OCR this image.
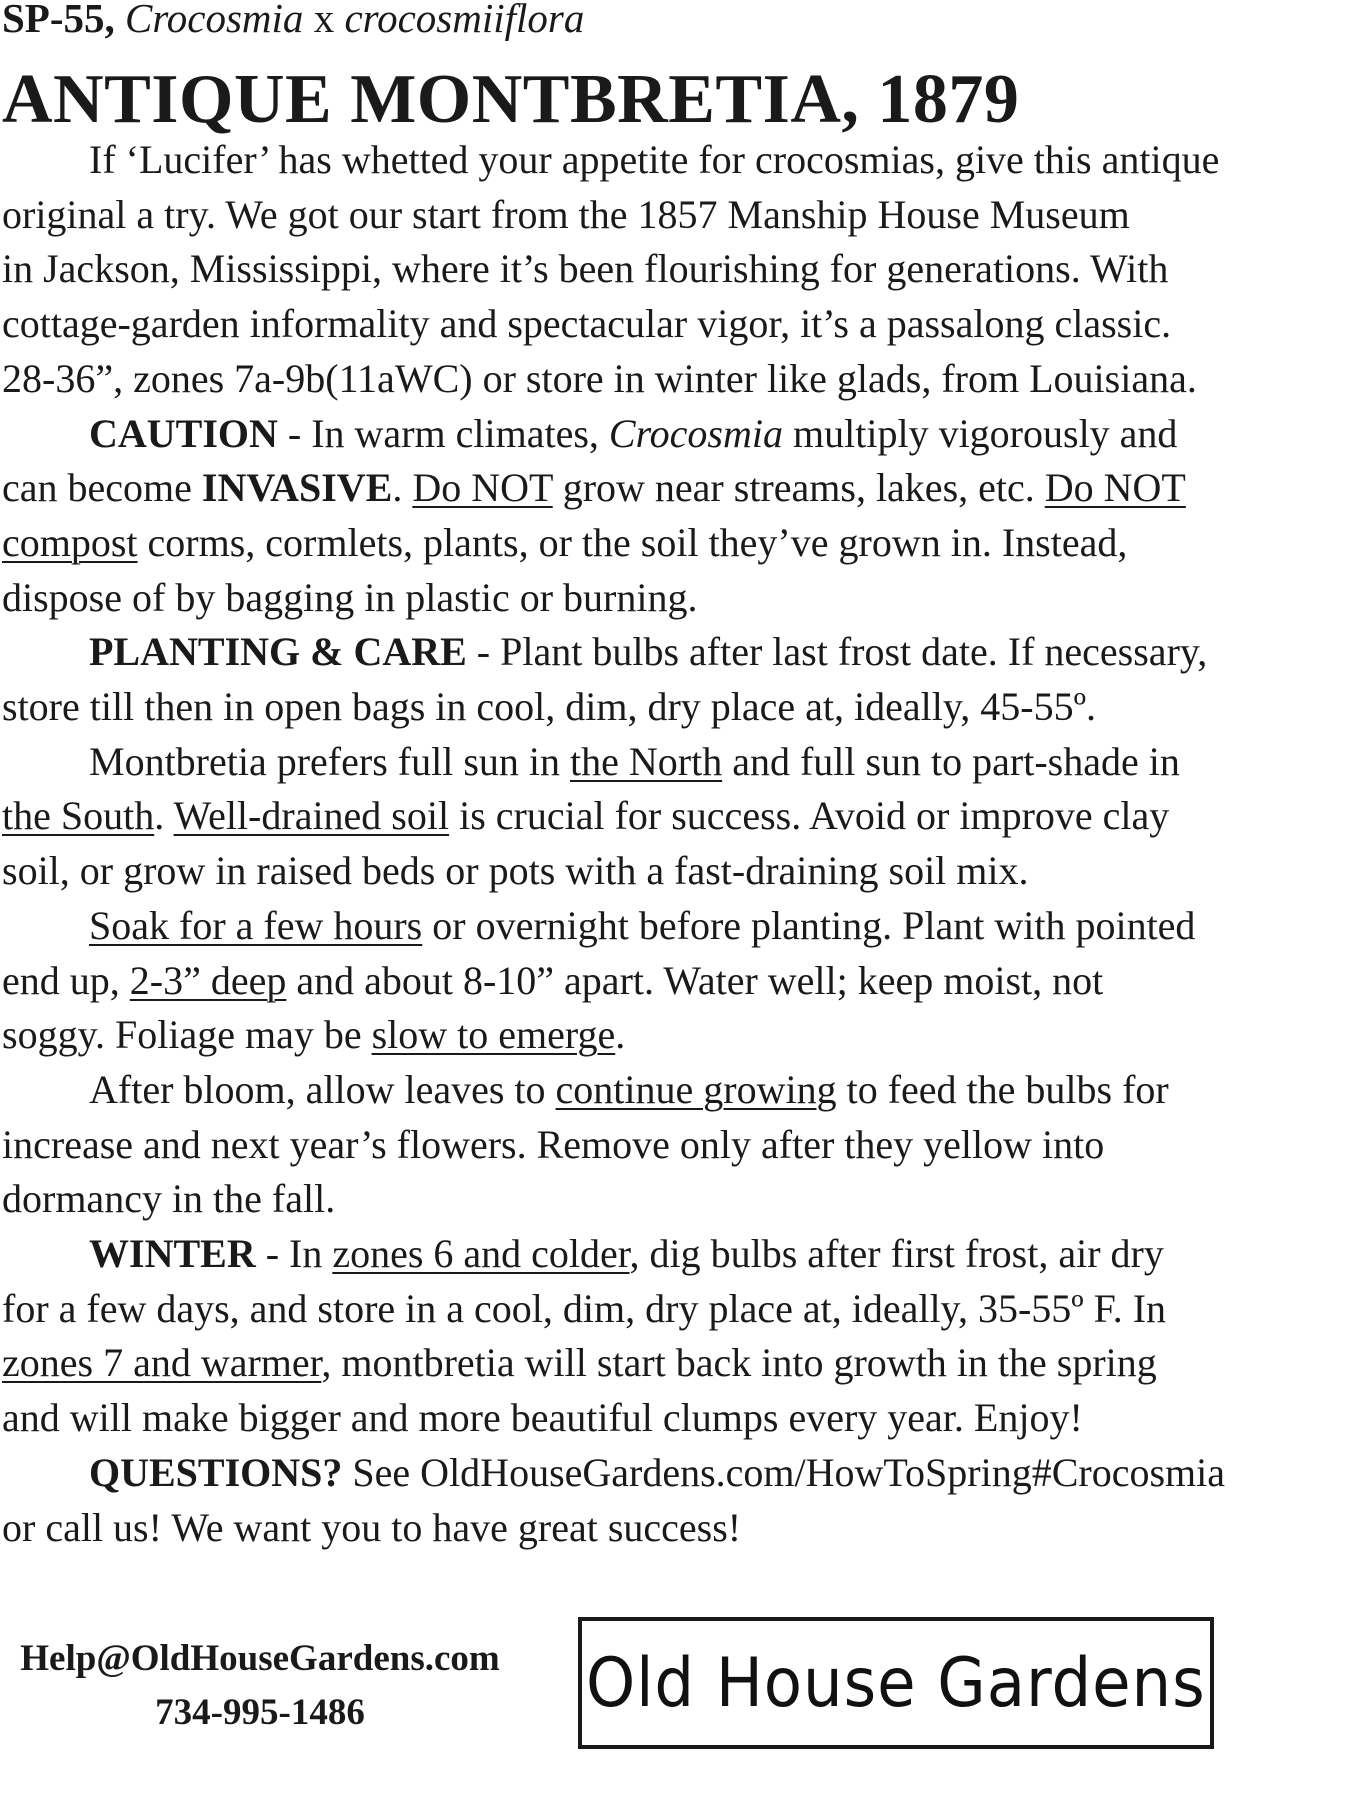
SP-55, Crocosmia x crocosmiiflora
ANTIQUE MONTBRETIA, 1879

If ‘Lucifer’ has whetted your appetite for crocosmias, give this antique
original a try. We got our start from the 1857 Manship House Museum
in Jackson, Mississippi, where it’s been flourishing for generations. With
cottage-garden informality and spectacular vigor, it’s a passalong classic.
28-36”, zones 7a-9b(11aWC) or store in winter like glads, from Louisiana.

CAUTION - In warm climates, Crocosmia multiply vigorously and
can become INVASIVE. Do NOT grow near streams, lakes, etc. Do NOT
compost corms, cormlets, plants, or the soil they’ve grown in. Instead,
dispose of by bagging in plastic or burning.

PLANTING & CARE - Plant bulbs after last frost date. If necessary,
store till then in open bags in cool, dim, dry place at, ideally, 45-55º.

Montbretia prefers full sun in the North and full sun to part-shade in
the South. Well-drained soil is crucial for success. Avoid or improve clay
soil, or grow in raised beds or pots with a fast-draining soil mix.

Soak for a few hours or overnight before planting. Plant with pointed
end up, 2-3” deep and about 8-10” apart. Water well; keep moist, not
soggy. Foliage may be slow to emerge.

After bloom, allow leaves to continue growing to feed the bulbs for
increase and next year’s flowers. Remove only after they yellow into
dormancy in the fall.

WINTER - In zones 6 and colder, dig bulbs after first frost, air dry
for a few days, and store in a cool, dim, dry place at, ideally, 35-55º F. In
zones 7 and warmer, montbretia will start back into growth in the spring
and will make bigger and more beautiful clumps every year. Enjoy!

QUESTIONS? See OldHouseGardens.com/HowToSpring#Crocosmia
or call us! We want you to have great success!

Help@OldHouseGardens.com
734-995-1486	Old House Gardens
